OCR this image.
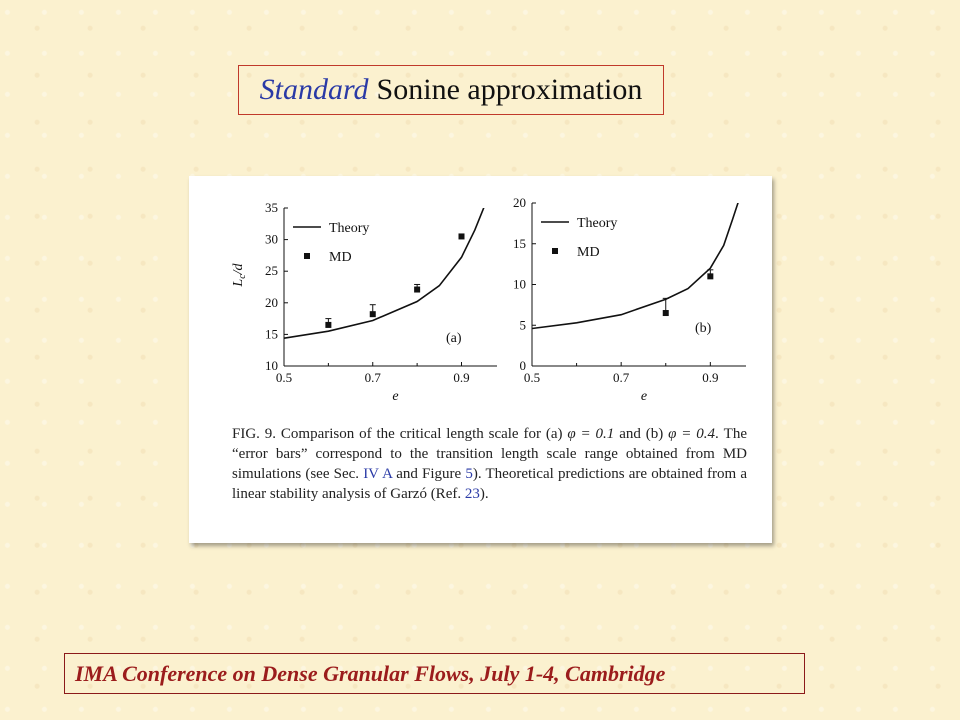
Standard Sonine approximation
10
15
20
25
30
35
0.5	0.7	0.9
e
$L_c/d$
Theory
MD
(a)
0
5
10
15
20
0.5	0.7	0.9
e
Theory
MD
(b)
FIG. 9. Comparison of the critical length scale for (a) φ = 0.1 and (b) φ = 0.4. The “error bars” correspond to the transition length scale range obtained from MD simulations (see Sec. IV A and Figure 5). Theoretical predictions are obtained from a linear stability analysis of Garzó (Ref. 23).
IMA Conference on Dense Granular Flows, July 1-4, Cambridge
